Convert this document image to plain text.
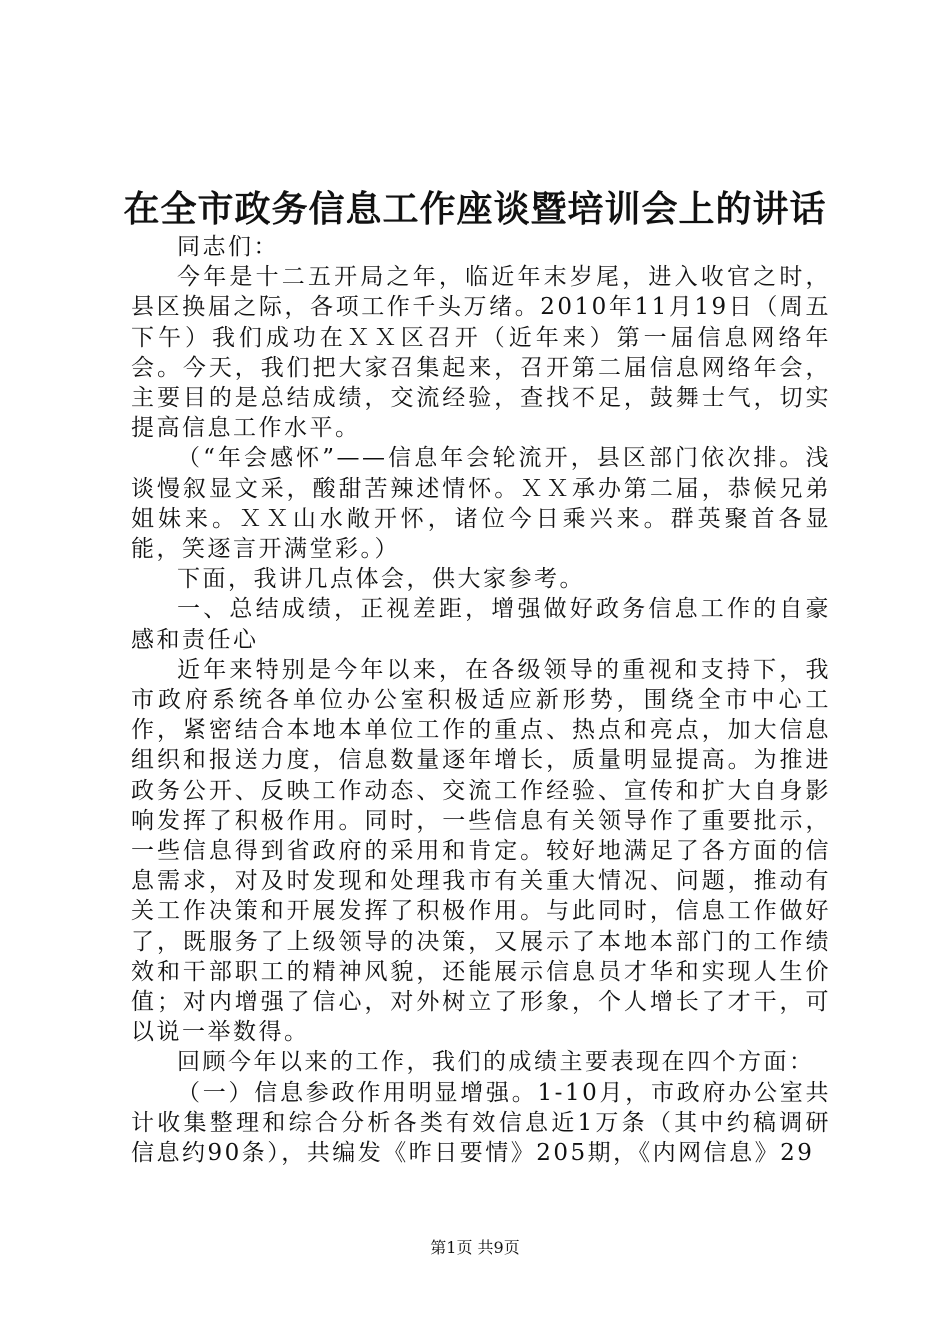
在全市政务信息工作座谈暨培训会上的讲话

同志们：

今年是十二五开局之年，临近年末岁尾，进入收官之时，县区换届之际，各项工作千头万绪。2010年11月19日（周五下午）我们成功在ＸＸ区召开（近年来）第一届信息网络年会。今天，我们把大家召集起来，召开第二届信息网络年会，主要目的是总结成绩，交流经验，查找不足，鼓舞士气，切实提高信息工作水平。

（“年会感怀”——信息年会轮流开，县区部门依次排。浅谈慢叙显文采，酸甜苦辣述情怀。ＸＸ承办第二届，恭候兄弟姐妹来。ＸＸ山水敞开怀，诸位今日乘兴来。群英聚首各显能，笑逐言开满堂彩。）

下面，我讲几点体会，供大家参考。

一、总结成绩，正视差距，增强做好政务信息工作的自豪感和责任心

近年来特别是今年以来，在各级领导的重视和支持下，我市政府系统各单位办公室积极适应新形势，围绕全市中心工作，紧密结合本地本单位工作的重点、热点和亮点，加大信息组织和报送力度，信息数量逐年增长，质量明显提高。为推进政务公开、反映工作动态、交流工作经验、宣传和扩大自身影响发挥了积极作用。同时，一些信息有关领导作了重要批示，一些信息得到省政府的采用和肯定。较好地满足了各方面的信息需求，对及时发现和处理我市有关重大情况、问题，推动有关工作决策和开展发挥了积极作用。与此同时，信息工作做好了，既服务了上级领导的决策，又展示了本地本部门的工作绩效和干部职工的精神风貌，还能展示信息员才华和实现人生价值；对内增强了信心，对外树立了形象，个人增长了才干，可以说一举数得。

回顾今年以来的工作，我们的成绩主要表现在四个方面：

（一）信息参政作用明显增强。1-10月，市政府办公室共计收集整理和综合分析各类有效信息近1万条（其中约稿调研信息约90条），共编发《昨日要情》205期，《内网信息》29

第1页 共9页
